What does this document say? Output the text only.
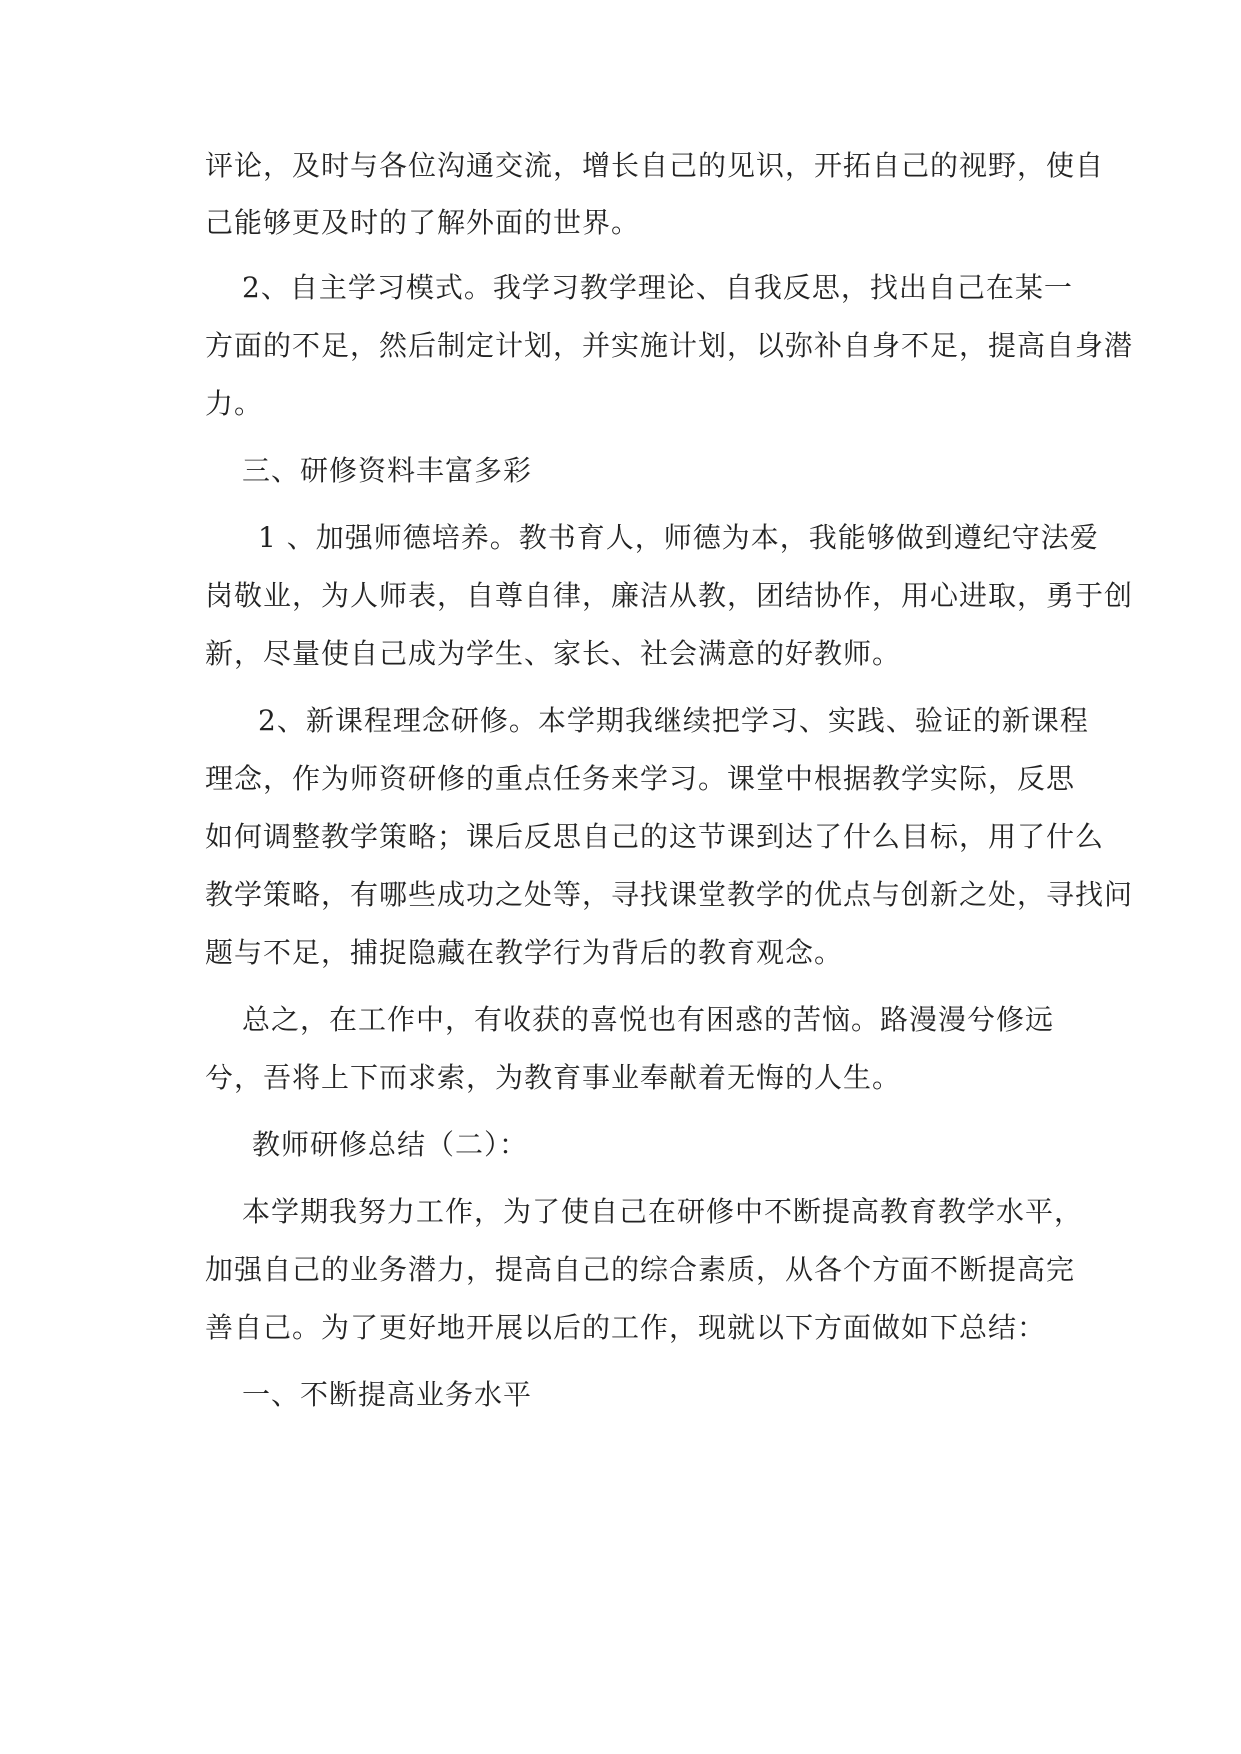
评论，及时与各位沟通交流，增长自己的见识，开拓自己的视野，使自
己能够更及时的了解外面的世界。
2、自主学习模式。我学习教学理论、自我反思，找出自己在某一
方面的不足，然后制定计划，并实施计划，以弥补自身不足，提高自身潜
力。
三、研修资料丰富多彩
1 、加强师德培养。教书育人，师德为本，我能够做到遵纪守法爱
岗敬业，为人师表，自尊自律，廉洁从教，团结协作，用心进取，勇于创
新，尽量使自己成为学生、家长、社会满意的好教师。
2、新课程理念研修。本学期我继续把学习、实践、验证的新课程
理念，作为师资研修的重点任务来学习。课堂中根据教学实际，反思
如何调整教学策略；课后反思自己的这节课到达了什么目标，用了什么
教学策略，有哪些成功之处等，寻找课堂教学的优点与创新之处，寻找问
题与不足，捕捉隐藏在教学行为背后的教育观念。
总之，在工作中，有收获的喜悦也有困惑的苦恼。路漫漫兮修远
兮，吾将上下而求索，为教育事业奉献着无悔的人生。
教师研修总结（二）：
本学期我努力工作，为了使自己在研修中不断提高教育教学水平，
加强自己的业务潜力，提高自己的综合素质，从各个方面不断提高完
善自己。为了更好地开展以后的工作，现就以下方面做如下总结：
一、不断提高业务水平
